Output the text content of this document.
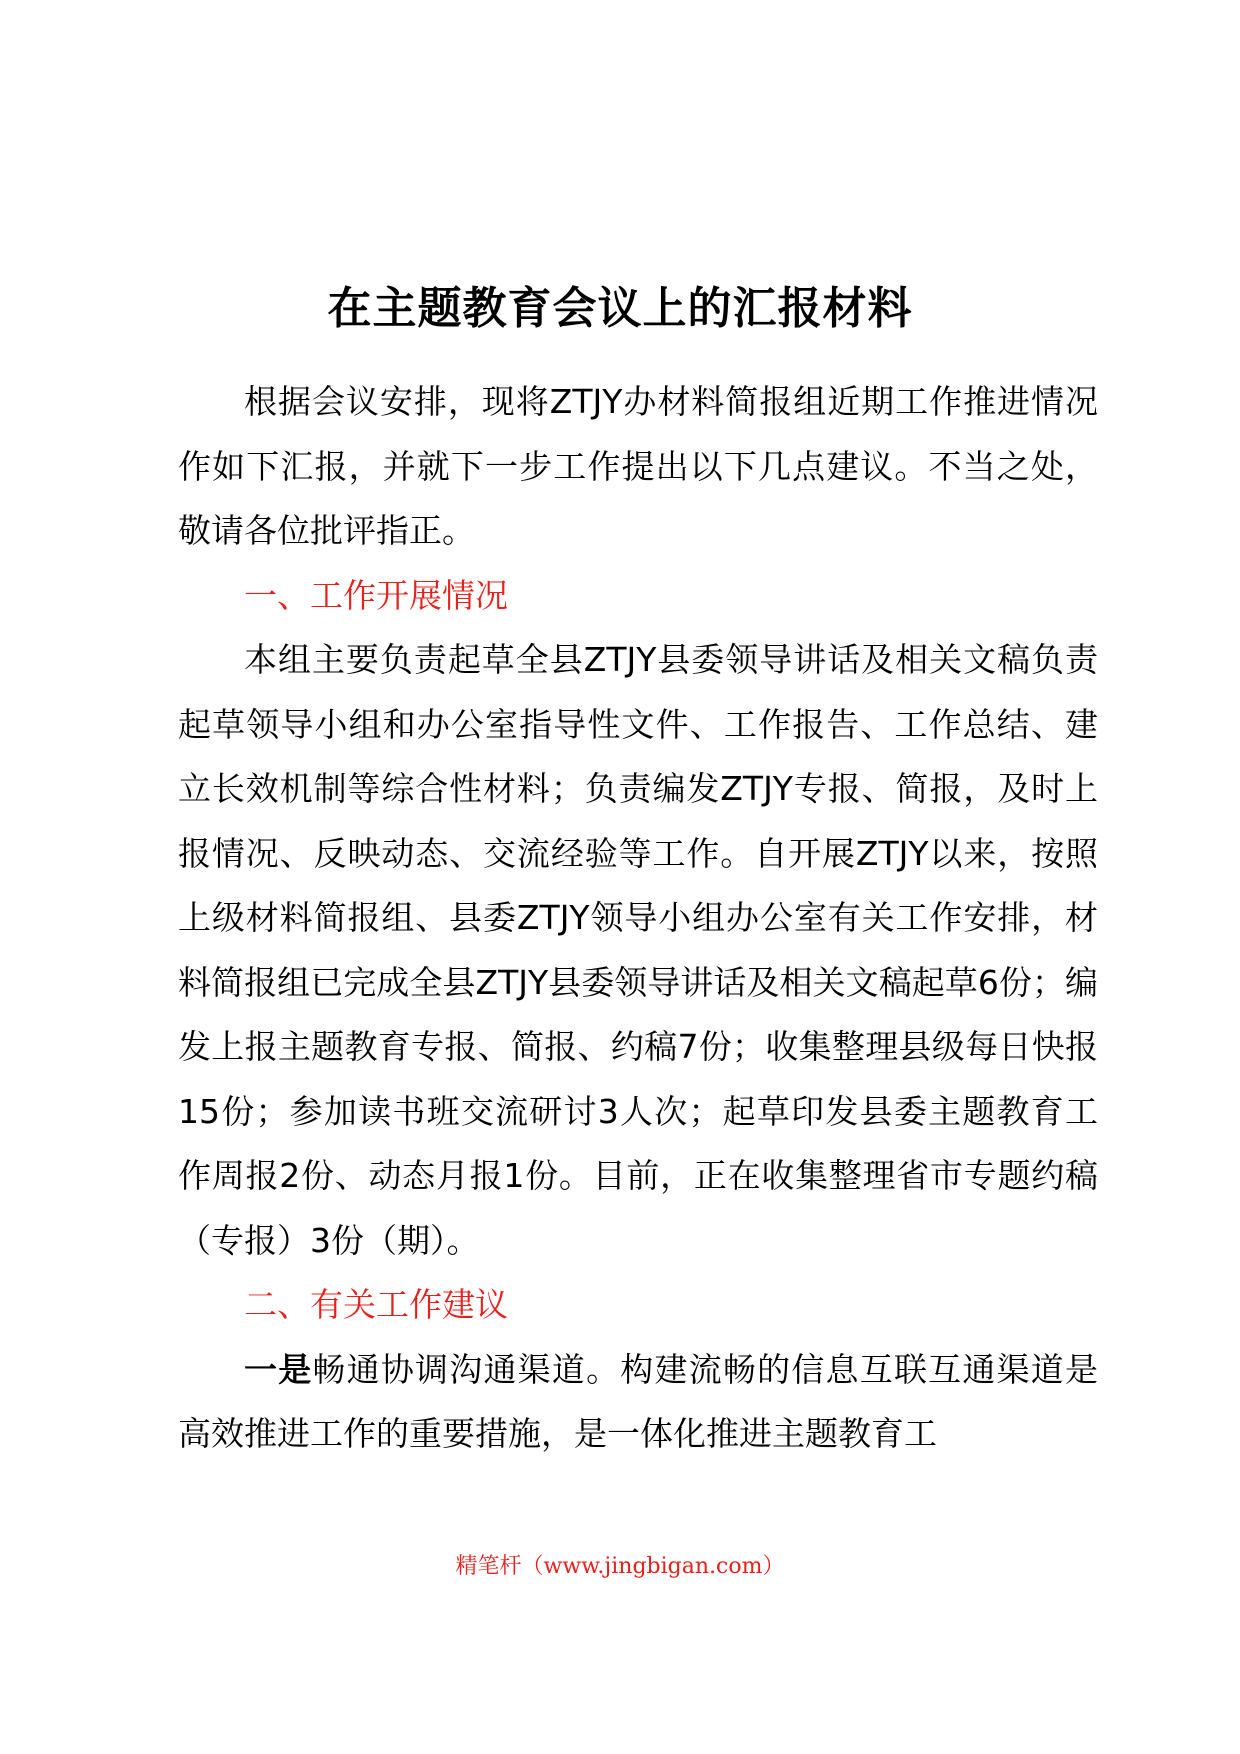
在主题教育会议上的汇报材料

根据会议安排，现将ZTJY办材料简报组近期工作推进情况作如下汇报，并就下一步工作提出以下几点建议。不当之处，敬请各位批评指正。

一、工作开展情况

本组主要负责起草全县ZTJY县委领导讲话及相关文稿负责起草领导小组和办公室指导性文件、工作报告、工作总结、建立长效机制等综合性材料；负责编发ZTJY专报、简报，及时上报情况、反映动态、交流经验等工作。自开展ZTJY以来，按照上级材料简报组、县委ZTJY领导小组办公室有关工作安排，材料简报组已完成全县ZTJY县委领导讲话及相关文稿起草6份；编发上报主题教育专报、简报、约稿7份；收集整理县级每日快报15份；参加读书班交流研讨3人次；起草印发县委主题教育工作周报2份、动态月报1份。目前，正在收集整理省市专题约稿（专报）3份（期）。

二、有关工作建议

一是畅通协调沟通渠道。构建流畅的信息互联互通渠道是高效推进工作的重要措施，是一体化推进主题教育工

精笔杆（www.jingbigan.com）
